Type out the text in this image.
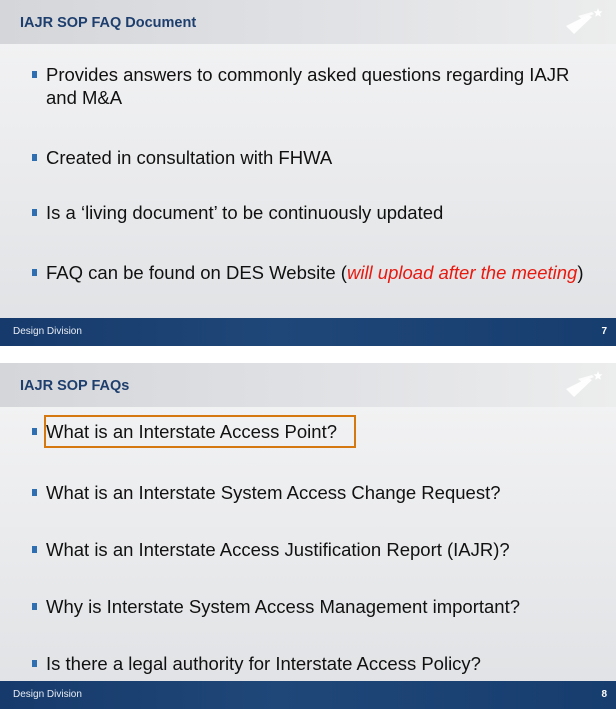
IAJR SOP FAQ Document
Provides answers to commonly asked questions regarding IAJR and M&A
Created in consultation with FHWA
Is a ‘living document’ to be continuously updated
FAQ can be found on DES Website (will upload after the meeting)
Design Division	7
IAJR SOP FAQs
What is an Interstate Access Point?
What is an Interstate System Access Change Request?
What is an Interstate Access Justification Report (IAJR)?
Why is Interstate System Access Management important?
Is there a legal authority for Interstate Access Policy?
Design Division	8
